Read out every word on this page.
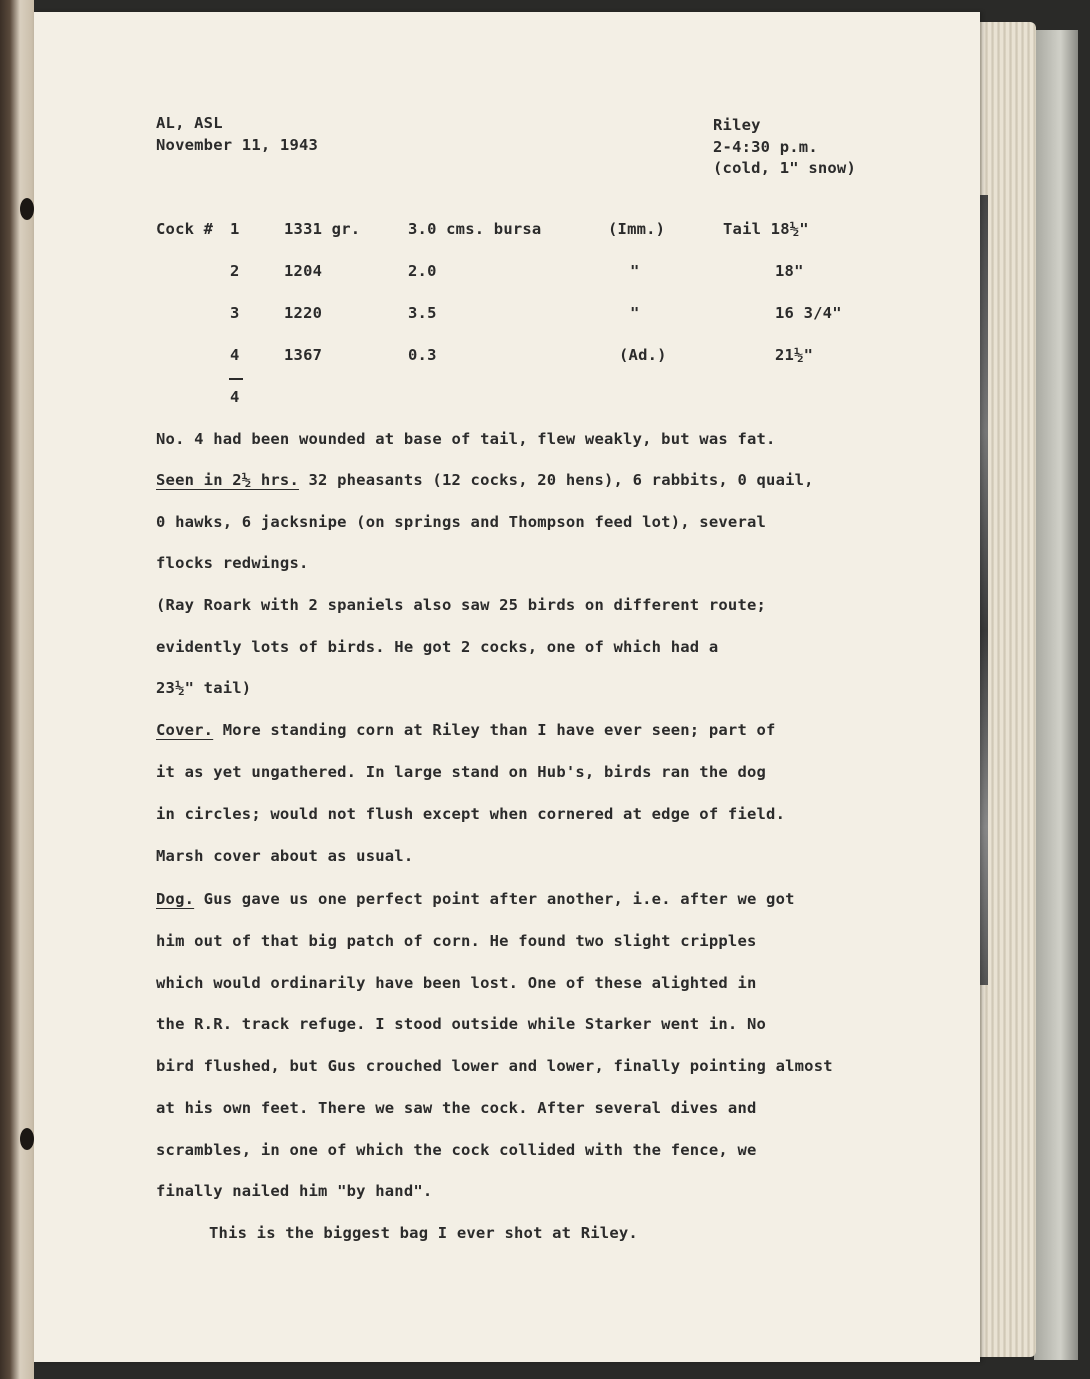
AL, ASL
November 11, 1943
Riley
2-4:30 p.m.
(cold, 1" snow)
Cock # 1	1331 gr.	3.0 cms. bursa	(Imm.)	Tail 18½"
2	1204	2.0	"	18"
3	1220	3.5	"	16 3/4"
4	1367	0.3	(Ad.)	21½"
4
No. 4 had been wounded at base of tail, flew weakly, but was fat.
Seen in 2½ hrs. 32 pheasants (12 cocks, 20 hens), 6 rabbits, 0 quail,
0 hawks, 6 jacksnipe (on springs and Thompson feed lot), several
flocks redwings.
(Ray Roark with 2 spaniels also saw 25 birds on different route;
evidently lots of birds. He got 2 cocks, one of which had a
23½" tail)
Cover. More standing corn at Riley than I have ever seen; part of
it as yet ungathered. In large stand on Hub's, birds ran the dog
in circles; would not flush except when cornered at edge of field.
Marsh cover about as usual.
Dog. Gus gave us one perfect point after another, i.e. after we got
him out of that big patch of corn. He found two slight cripples
which would ordinarily have been lost. One of these alighted in
the R.R. track refuge. I stood outside while Starker went in. No
bird flushed, but Gus crouched lower and lower, finally pointing almost
at his own feet. There we saw the cock. After several dives and
scrambles, in one of which the cock collided with the fence, we
finally nailed him "by hand".
This is the biggest bag I ever shot at Riley.
